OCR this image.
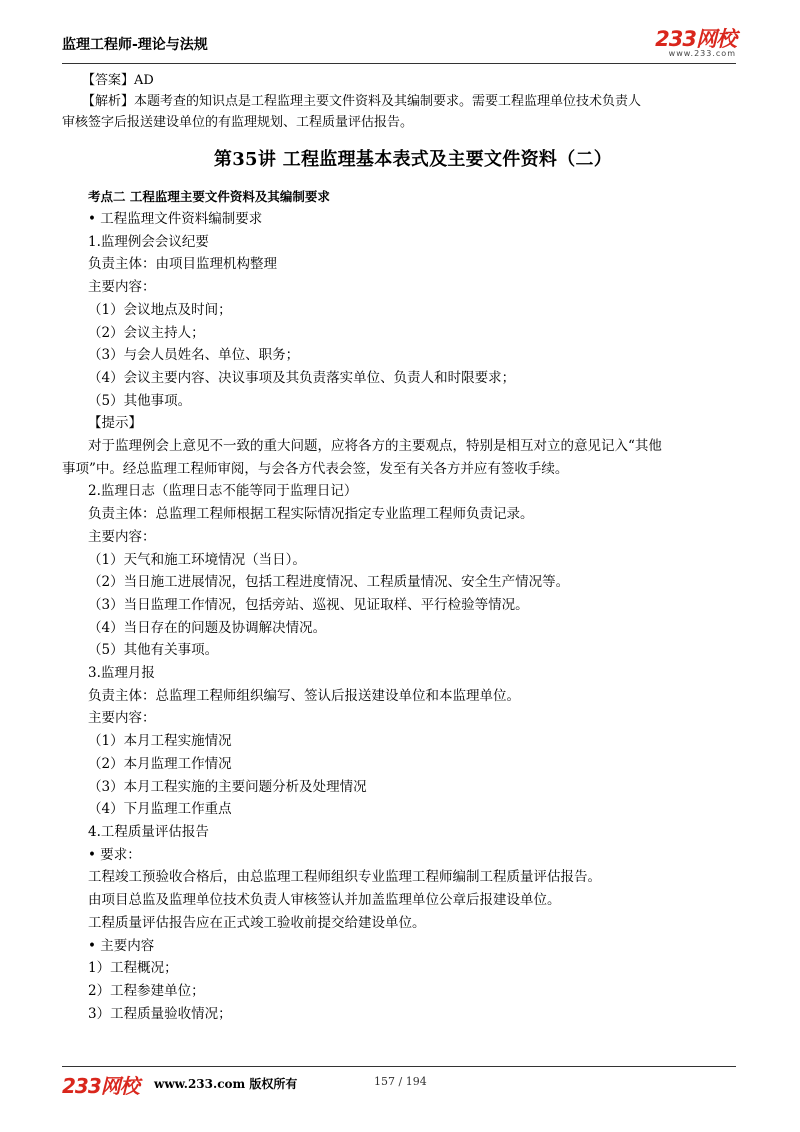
监理工程师-理论与法规	233网校
www.233.com
【答案】AD
【解析】本题考查的知识点是工程监理主要文件资料及其编制要求。需要工程监理单位技术负责人
审核签字后报送建设单位的有监理规划、工程质量评估报告。
第35讲 工程监理基本表式及主要文件资料（二）
考点二 工程监理主要文件资料及其编制要求
• 工程监理文件资料编制要求
1.监理例会会议纪要
负责主体：由项目监理机构整理
主要内容：
（1）会议地点及时间；
（2）会议主持人；
（3）与会人员姓名、单位、职务；
（4）会议主要内容、决议事项及其负责落实单位、负责人和时限要求；
（5）其他事项。
【提示】
对于监理例会上意见不一致的重大问题，应将各方的主要观点，特别是相互对立的意见记入“其他
事项”中。经总监理工程师审阅，与会各方代表会签，发至有关各方并应有签收手续。
2.监理日志（监理日志不能等同于监理日记）
负责主体：总监理工程师根据工程实际情况指定专业监理工程师负责记录。
主要内容：
（1）天气和施工环境情况（当日）。
（2）当日施工进展情况，包括工程进度情况、工程质量情况、安全生产情况等。
（3）当日监理工作情况，包括旁站、巡视、见证取样、平行检验等情况。
（4）当日存在的问题及协调解决情况。
（5）其他有关事项。
3.监理月报
负责主体：总监理工程师组织编写、签认后报送建设单位和本监理单位。
主要内容：
（1）本月工程实施情况
（2）本月监理工作情况
（3）本月工程实施的主要问题分析及处理情况
（4）下月监理工作重点
4.工程质量评估报告
• 要求：
工程竣工预验收合格后，由总监理工程师组织专业监理工程师编制工程质量评估报告。
由项目总监及监理单位技术负责人审核签认并加盖监理单位公章后报建设单位。
工程质量评估报告应在正式竣工验收前提交给建设单位。
• 主要内容
1）工程概况；
2）工程参建单位；
3）工程质量验收情况；
233网校 www.233.com 版权所有	157 / 194
